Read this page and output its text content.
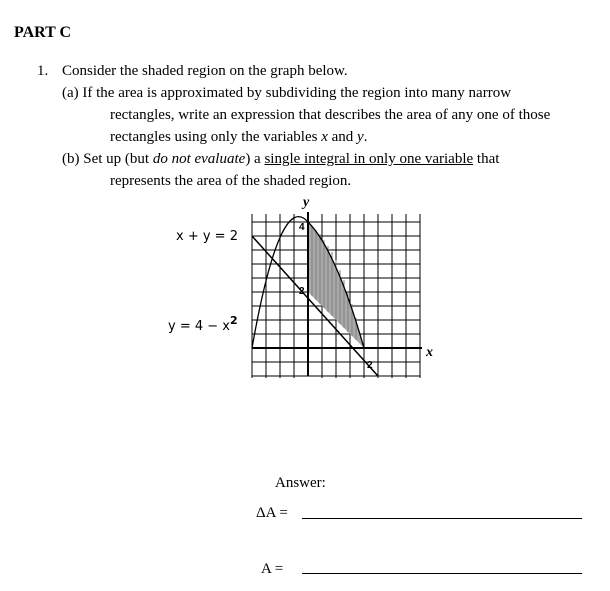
PART C
1. Consider the shaded region on the graph below.
(a) If the area is approximated by subdividing the region into many narrow
rectangles, write an expression that describes the area of any one of those
rectangles using only the variables x and y.
(b) Set up (but do not evaluate) a single integral in only one variable that
represents the area of the shaded region.
y
x
x + y = 2
$y = 4 - x^2$
4
2
2
Answer:
ΔA =
A =
